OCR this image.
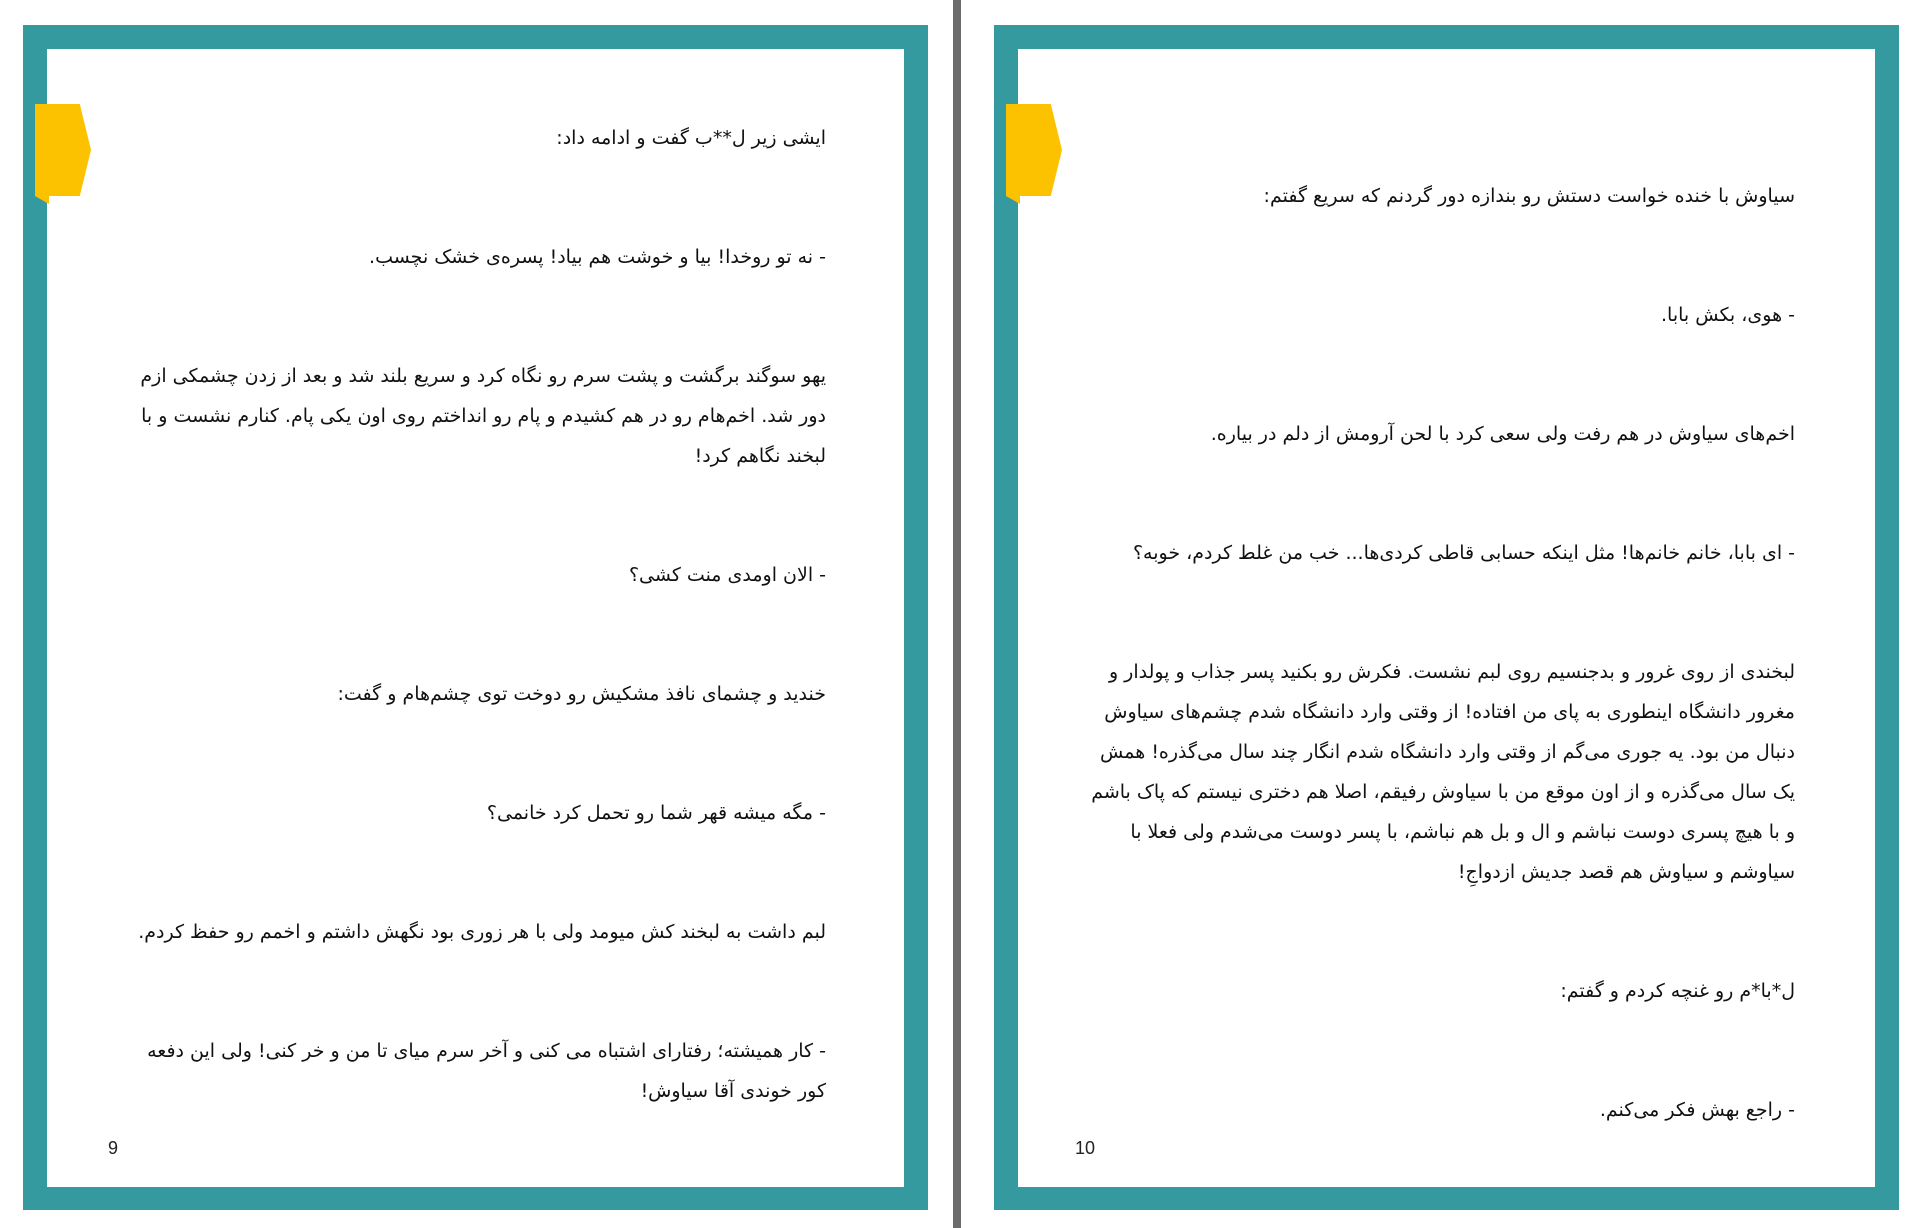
ایشی زیر ل**ب گفت و ادامه داد:

- نه تو روخدا! بیا و خوشت هم بیاد! پسره‌ی خشک نچسب.

یهو سوگند برگشت و پشت سرم رو نگاه کرد و سریع بلند شد و بعد از زدن چشمکی ازم دور شد. اخم‌هام رو در هم کشیدم و پام رو انداختم روی اون یکی پام. کنارم نشست و با لبخند نگاهم کرد!

- الان اومدی منت کشی؟

خندید و چشمای نافذ مشکیش رو دوخت توی چشم‌هام و گفت:

- مگه میشه قهر شما رو تحمل کرد خانمی؟

لبم داشت به لبخند کش میومد ولی با هر زوری بود نگهش داشتم و اخمم رو حفظ کردم.

- کار همیشته؛ رفتارای اشتباه می کنی و آخر سرم میای تا من و خر کنی! ولی این دفعه کور خوندی آقا سیاوش!

9

سیاوش با خنده خواست دستش رو بندازه دور گردنم که سریع گفتم:

- هوی، بکش بابا.

اخم‌های سیاوش در هم رفت ولی سعی کرد با لحن آرومش از دلم در بیاره.

- ای بابا، خانم خانم‌ها! مثل اینکه حسابی قاطی کردی‌ها... خب من غلط کردم، خوبه؟

لبخندی از روی غرور و بدجنسیم روی لبم نشست. فکرش رو بکنید پسر جذاب و پولدار و مغرور دانشگاه اینطوری به پای من افتاده! از وقتی وارد دانشگاه شدم چشم‌های سیاوش دنبال من بود. یه جوری می‌گم از وقتی وارد دانشگاه شدم انگار چند سال می‌گذره! همش یک سال می‌گذره و از اون موقع من با سیاوش رفیقم، اصلا هم دختری نیستم که پاک باشم و با هیچ پسری دوست نباشم و ال و بل هم نباشم، با پسر دوست می‌شدم ولی فعلا با سیاوشم و سیاوش هم قصد جدیش ازدواجِ!

ل*با*م رو غنچه کردم و گفتم:

- راجع بهش فکر می‌کنم.

10
